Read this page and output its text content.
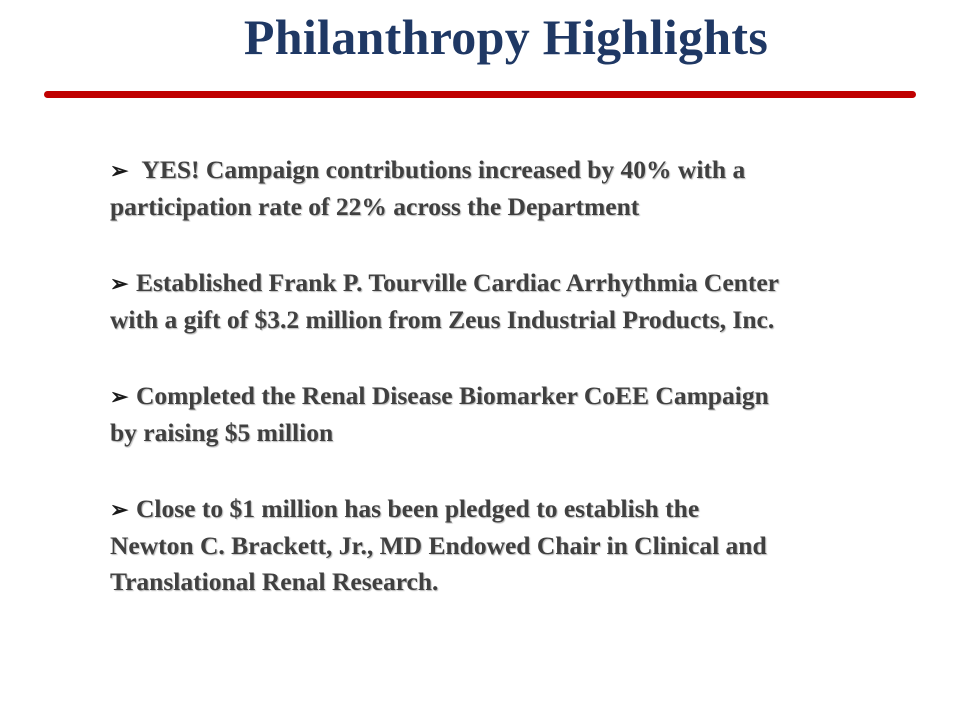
Philanthropy Highlights
➢ YES! Campaign contributions increased by 40% with a
participation rate of 22% across the Department
➢ Established Frank P. Tourville Cardiac Arrhythmia Center
with a gift of $3.2 million from Zeus Industrial Products, Inc.
➢ Completed the Renal Disease Biomarker CoEE Campaign
by raising $5 million
➢ Close to $1 million has been pledged to establish the
Newton C. Brackett, Jr., MD Endowed Chair in Clinical and
Translational Renal Research.
